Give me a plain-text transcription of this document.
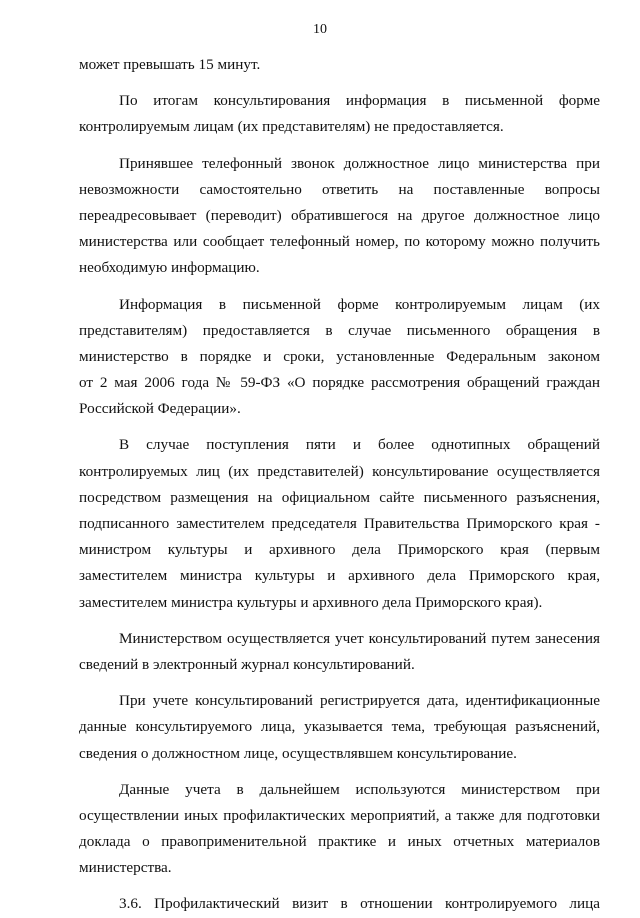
10
может превышать 15 минут.
По итогам консультирования информация в письменной форме
контролируемым лицам (их представителям) не предоставляется.
Принявшее телефонный звонок должностное лицо министерства при
невозможности самостоятельно ответить на поставленные вопросы
переадресовывает (переводит) обратившегося на другое должностное лицо
министерства или сообщает телефонный номер, по которому можно получить
необходимую информацию.
Информация в письменной форме контролируемым лицам (их
представителям) предоставляется в случае письменного обращения в
министерство в порядке и сроки, установленные Федеральным законом
от 2 мая 2006 года № 59-ФЗ «О порядке рассмотрения обращений граждан
Российской Федерации».
В случае поступления пяти и более однотипных обращений
контролируемых лиц (их представителей) консультирование осуществляется
посредством размещения на официальном сайте письменного разъяснения,
подписанного заместителем председателя Правительства Приморского края -
министром культуры и архивного дела Приморского края (первым
заместителем министра культуры и архивного дела Приморского края,
заместителем министра культуры и архивного дела Приморского края).
Министерством осуществляется учет консультирований путем занесения
сведений в электронный журнал консультирований.
При учете консультирований регистрируется дата, идентификационные
данные консультируемого лица, указывается тема, требующая разъяснений,
сведения о должностном лице, осуществлявшем консультирование.
Данные учета в дальнейшем используются министерством при
осуществлении иных профилактических мероприятий, а также для подготовки
доклада о правоприменительной практике и иных отчетных материалов
министерства.
3.6. Профилактический визит в отношении контролируемого лица
